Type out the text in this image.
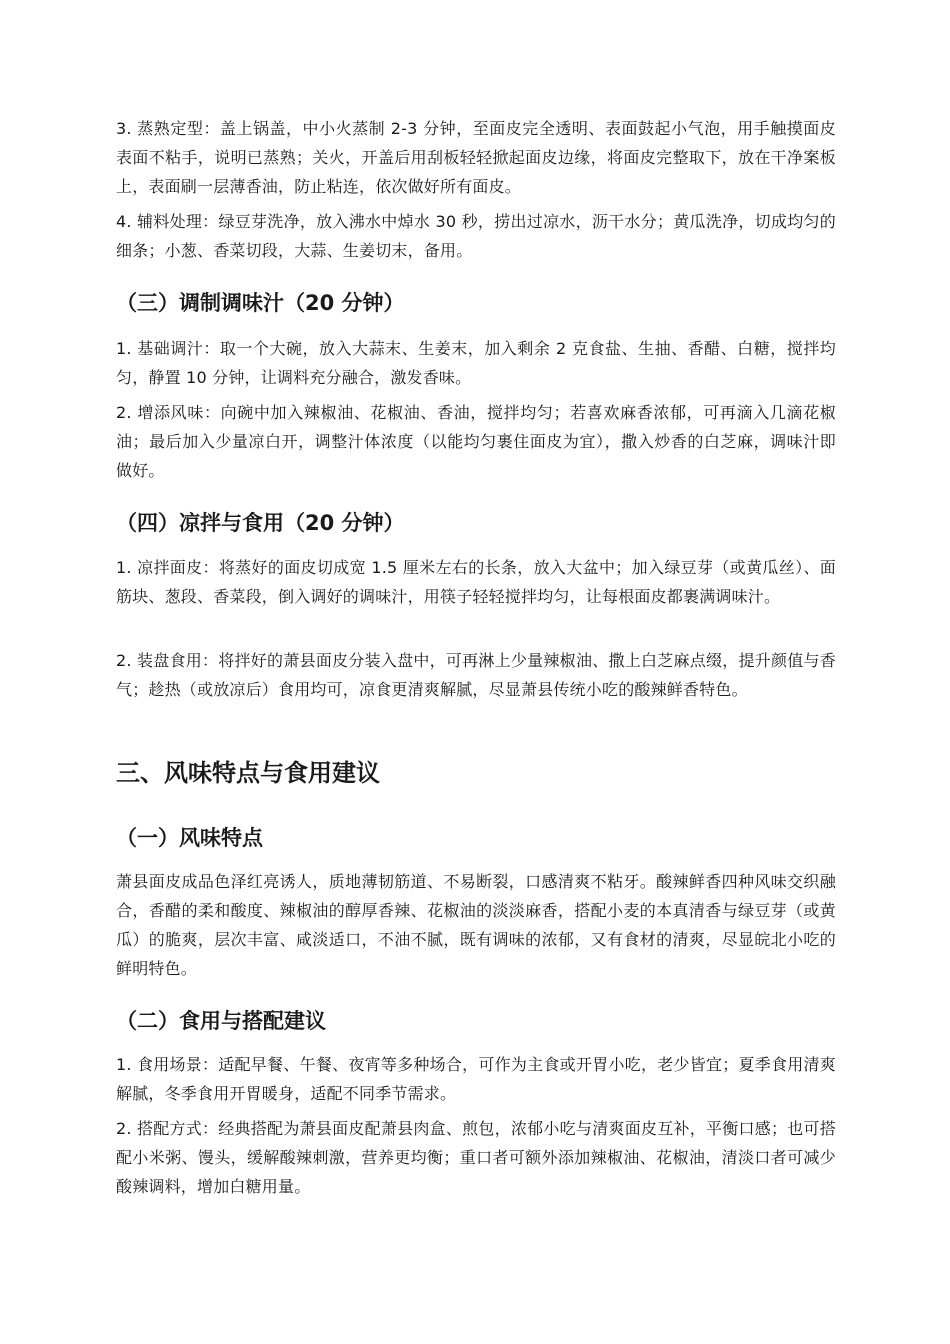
3. 蒸熟定型：盖上锅盖，中小火蒸制 2-3 分钟，至面皮完全透明、表面鼓起小气泡，用手触摸面皮表面不粘手，说明已蒸熟；关火，开盖后用刮板轻轻掀起面皮边缘，将面皮完整取下，放在干净案板上，表面刷一层薄香油，防止粘连，依次做好所有面皮。

4. 辅料处理：绿豆芽洗净，放入沸水中焯水 30 秒，捞出过凉水，沥干水分；黄瓜洗净，切成均匀的细条；小葱、香菜切段，大蒜、生姜切末，备用。

（三）调制调味汁（20 分钟）

1. 基础调汁：取一个大碗，放入大蒜末、生姜末，加入剩余 2 克食盐、生抽、香醋、白糖，搅拌均匀，静置 10 分钟，让调料充分融合，激发香味。

2. 增添风味：向碗中加入辣椒油、花椒油、香油，搅拌均匀；若喜欢麻香浓郁，可再滴入几滴花椒油；最后加入少量凉白开，调整汁体浓度（以能均匀裹住面皮为宜），撒入炒香的白芝麻，调味汁即做好。

（四）凉拌与食用（20 分钟）

1. 凉拌面皮：将蒸好的面皮切成宽 1.5 厘米左右的长条，放入大盆中；加入绿豆芽（或黄瓜丝）、面筋块、葱段、香菜段，倒入调好的调味汁，用筷子轻轻搅拌均匀，让每根面皮都裹满调味汁。

2. 装盘食用：将拌好的萧县面皮分装入盘中，可再淋上少量辣椒油、撒上白芝麻点缀，提升颜值与香气；趁热（或放凉后）食用均可，凉食更清爽解腻，尽显萧县传统小吃的酸辣鲜香特色。

三、风味特点与食用建议
（一）风味特点

萧县面皮成品色泽红亮诱人，质地薄韧筋道、不易断裂，口感清爽不粘牙。酸辣鲜香四种风味交织融合，香醋的柔和酸度、辣椒油的醇厚香辣、花椒油的淡淡麻香，搭配小麦的本真清香与绿豆芽（或黄瓜）的脆爽，层次丰富、咸淡适口，不油不腻，既有调味的浓郁，又有食材的清爽，尽显皖北小吃的鲜明特色。

（二）食用与搭配建议

1. 食用场景：适配早餐、午餐、夜宵等多种场合，可作为主食或开胃小吃，老少皆宜；夏季食用清爽解腻，冬季食用开胃暖身，适配不同季节需求。

2. 搭配方式：经典搭配为萧县面皮配萧县肉盒、煎包，浓郁小吃与清爽面皮互补，平衡口感；也可搭配小米粥、馒头，缓解酸辣刺激，营养更均衡；重口者可额外添加辣椒油、花椒油，清淡口者可减少酸辣调料，增加白糖用量。
